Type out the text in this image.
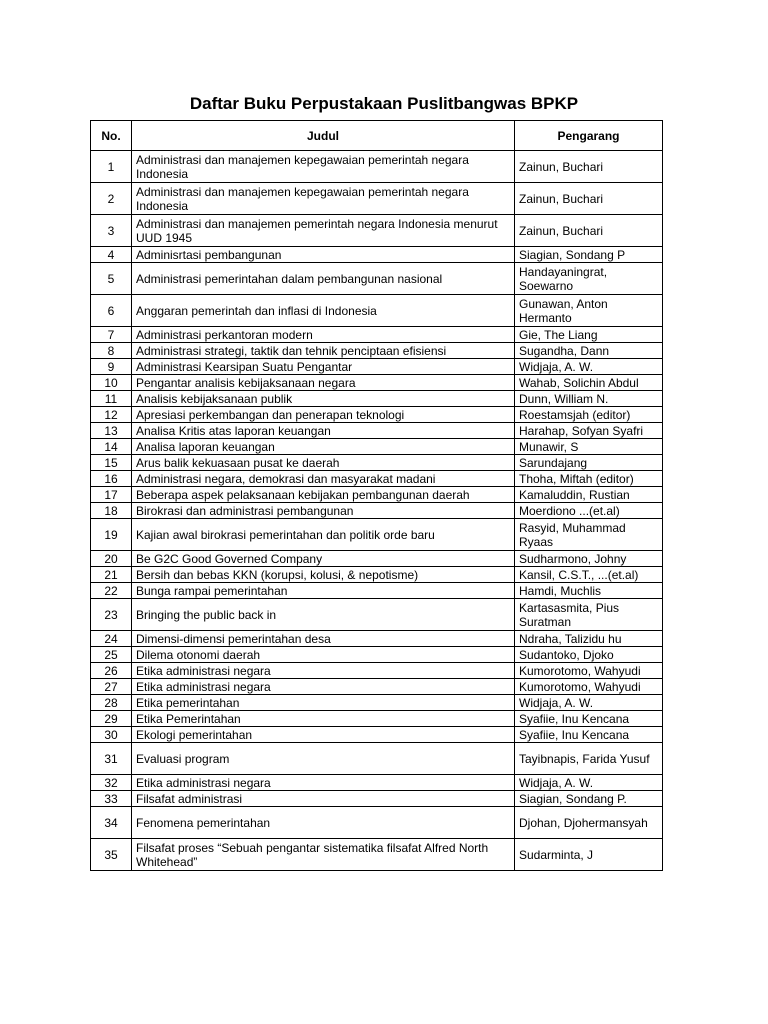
Daftar Buku Perpustakaan Puslitbangwas BPKP
No.	Judul	Pengarang
1	Administrasi dan manajemen kepegawaian pemerintah negara Indonesia	Zainun, Buchari
2	Administrasi dan manajemen kepegawaian pemerintah negara Indonesia	Zainun, Buchari
3	Administrasi dan manajemen pemerintah negara Indonesia menurut UUD 1945	Zainun, Buchari
4	Adminisrtasi pembangunan	Siagian, Sondang P
5	Administrasi pemerintahan dalam pembangunan nasional	Handayaningrat, Soewarno
6	Anggaran pemerintah dan inflasi di Indonesia	Gunawan, Anton Hermanto
7	Administrasi perkantoran modern	Gie, The Liang
8	Administrasi strategi, taktik dan tehnik penciptaan efisiensi	Sugandha, Dann
9	Administrasi Kearsipan Suatu Pengantar	Widjaja, A. W.
10	Pengantar analisis kebijaksanaan negara	Wahab, Solichin Abdul
11	Analisis kebijaksanaan publik	Dunn, William N.
12	Apresiasi perkembangan dan penerapan teknologi	Roestamsjah (editor)
13	Analisa Kritis atas laporan keuangan	Harahap, Sofyan Syafri
14	Analisa laporan keuangan	Munawir, S
15	Arus balik kekuasaan pusat ke daerah	Sarundajang
16	Administrasi negara, demokrasi dan masyarakat madani	Thoha, Miftah (editor)
17	Beberapa aspek pelaksanaan kebijakan pembangunan daerah	Kamaluddin, Rustian
18	Birokrasi dan administrasi pembangunan	Moerdiono ...(et.al)
19	Kajian awal birokrasi pemerintahan dan politik orde baru	Rasyid, Muhammad Ryaas
20	Be G2C Good Governed Company	Sudharmono, Johny
21	Bersih dan bebas KKN (korupsi, kolusi, & nepotisme)	Kansil, C.S.T., ...(et.al)
22	Bunga rampai pemerintahan	Hamdi, Muchlis
23	Bringing the public back in	Kartasasmita, Pius Suratman
24	Dimensi-dimensi pemerintahan desa	Ndraha, Talizidu hu
25	Dilema otonomi daerah	Sudantoko, Djoko
26	Etika administrasi negara	Kumorotomo, Wahyudi
27	Etika administrasi negara	Kumorotomo, Wahyudi
28	Etika pemerintahan	Widjaja, A. W.
29	Etika Pemerintahan	Syafiie, Inu Kencana
30	Ekologi pemerintahan	Syafiie, Inu Kencana
31	Evaluasi program	Tayibnapis, Farida Yusuf
32	Etika administrasi negara	Widjaja, A. W.
33	Filsafat administrasi	Siagian, Sondang P.
34	Fenomena pemerintahan	Djohan, Djohermansyah
35	Filsafat proses “Sebuah pengantar sistematika filsafat Alfred North Whitehead”	Sudarminta, J
